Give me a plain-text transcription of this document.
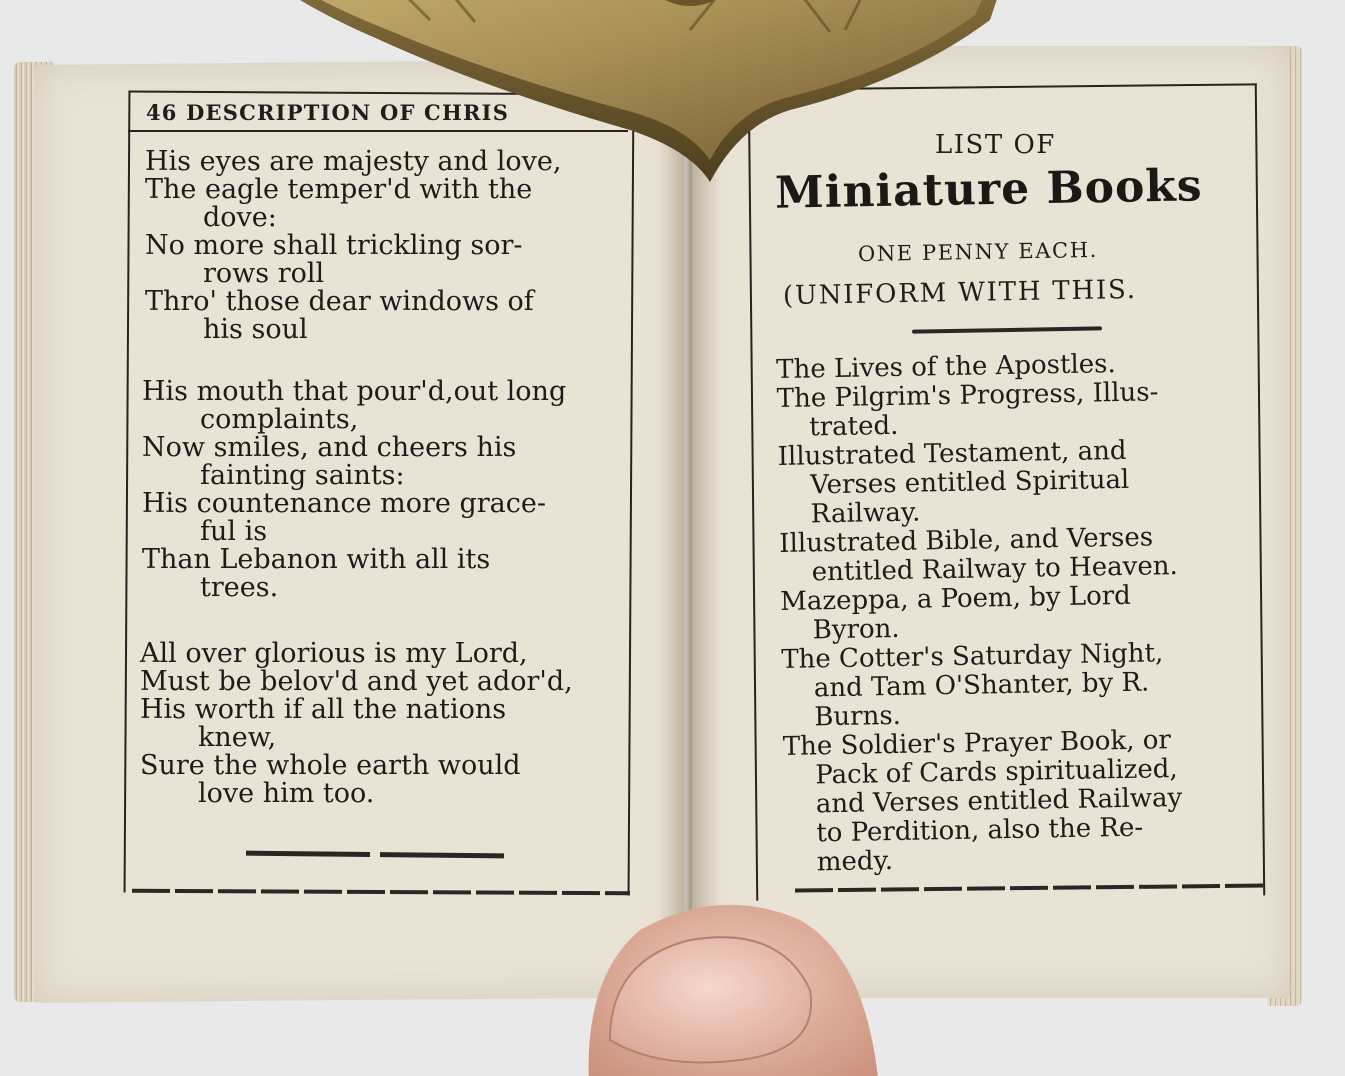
46 DESCRIPTION OF CHRIS
His eyes are majesty and love,
The eagle temper'd with the
dove:
No more shall trickling sor-
rows roll
Thro' those dear windows of
his soul
His mouth that pour'd,out long
complaints,
Now smiles, and cheers his
fainting saints:
His countenance more grace-
ful is
Than Lebanon with all its
trees.
All over glorious is my Lord,
Must be belov'd and yet ador'd,
His worth if all the nations
knew,
Sure the whole earth would
love him too.
LIST OF
Miniature Books
ONE PENNY EACH.
(UNIFORM WITH THIS.
The Lives of the Apostles.
The Pilgrim's Progress, Illus-
trated.
Illustrated Testament, and
Verses entitled Spiritual
Railway.
Illustrated Bible, and Verses
entitled Railway to Heaven.
Mazeppa, a Poem, by Lord
Byron.
The Cotter's Saturday Night,
and Tam O'Shanter, by R.
Burns.
The Soldier's Prayer Book, or
Pack of Cards spiritualized,
and Verses entitled Railway
to Perdition, also the Re-
medy.
